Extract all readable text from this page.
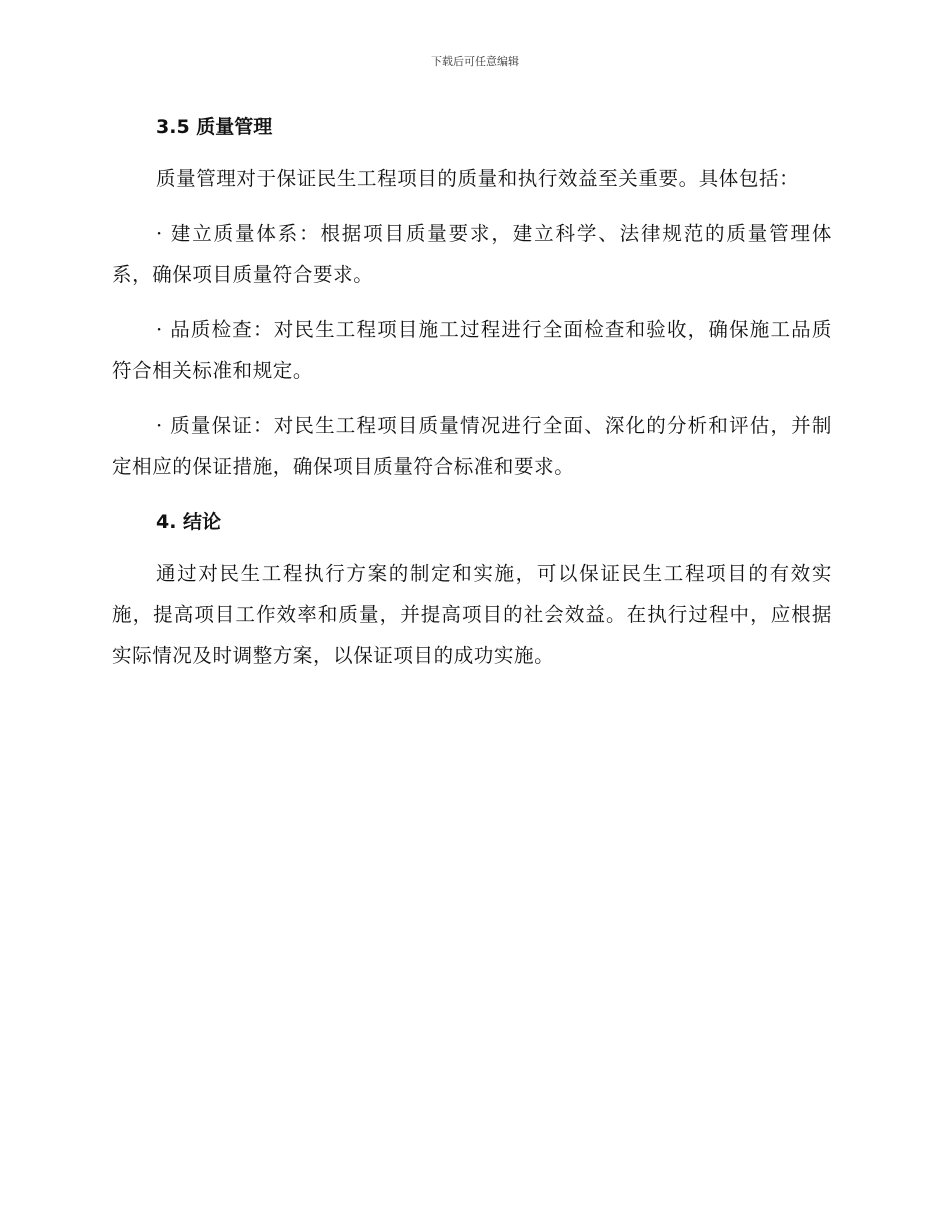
下载后可任意编辑
3.5 质量管理

质量管理对于保证民生工程项目的质量和执行效益至关重要。具体包括：

· 建立质量体系：根据项目质量要求，建立科学、法律规范的质量管理体系，确保项目质量符合要求。

· 品质检查：对民生工程项目施工过程进行全面检查和验收，确保施工品质符合相关标准和规定。

· 质量保证：对民生工程项目质量情况进行全面、深化的分析和评估，并制定相应的保证措施，确保项目质量符合标准和要求。

4. 结论

通过对民生工程执行方案的制定和实施，可以保证民生工程项目的有效实施，提高项目工作效率和质量，并提高项目的社会效益。在执行过程中，应根据实际情况及时调整方案，以保证项目的成功实施。
